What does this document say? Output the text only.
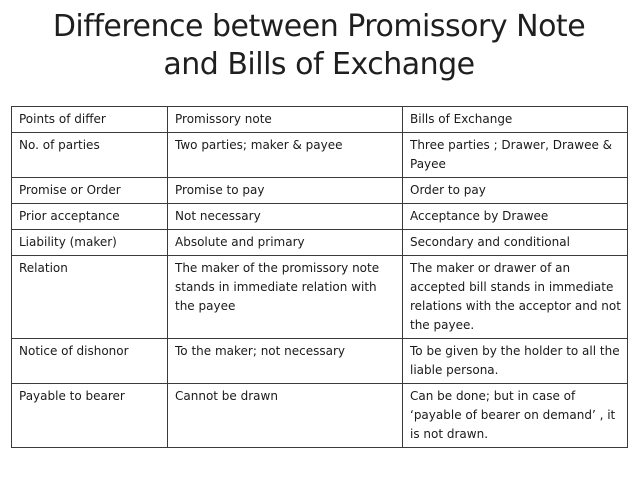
Difference between Promissory Note
and Bills of Exchange
Points of differ	Promissory note	Bills of Exchange
No. of parties	Two parties; maker & payee	Three parties ; Drawer, Drawee & Payee
Promise or Order	Promise to pay	Order to pay
Prior acceptance	Not necessary	Acceptance by Drawee
Liability (maker)	Absolute and primary	Secondary and conditional
Relation	The maker of the promissory note stands in immediate relation with the payee	The maker or drawer of an accepted bill stands in immediate relations with the acceptor and not the payee.
Notice of dishonor	To the maker; not necessary	To be given by the holder to all the liable persona.
Payable to bearer	Cannot be drawn	Can be done; but in case of ‘payable of bearer on demand’ , it is not drawn.
